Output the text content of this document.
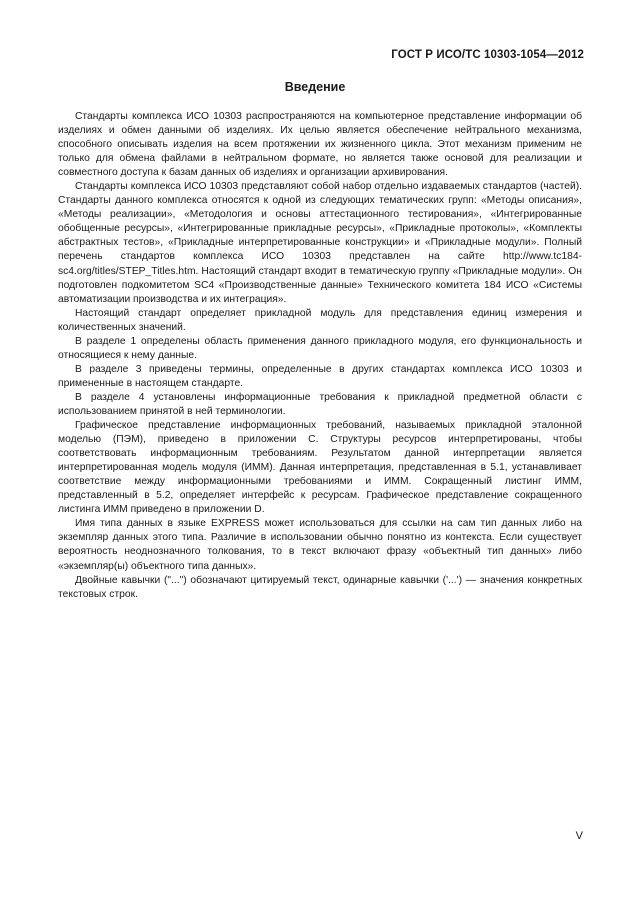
ГОСТ Р ИСО/ТС 10303-1054—2012
Введение

Стандарты комплекса ИСО 10303 распространяются на компьютерное представление информации об изделиях и обмен данными об изделиях. Их целью является обеспечение нейтрального механизма, способного описывать изделия на всем протяжении их жизненного цикла. Этот механизм применим не только для обмена файлами в нейтральном формате, но является также основой для реализации и совместного доступа к базам данных об изделиях и организации архивирования.

Стандарты комплекса ИСО 10303 представляют собой набор отдельно издаваемых стандартов (частей). Стандарты данного комплекса относятся к одной из следующих тематических групп: «Методы описания», «Методы реализации», «Методология и основы аттестационного тестирования», «Интегрированные обобщенные ресурсы», «Интегрированные прикладные ресурсы», «Прикладные протоколы», «Комплекты абстрактных тестов», «Прикладные интерпретированные конструкции» и «Прикладные модули». Полный перечень стандартов комплекса ИСО 10303 представлен на сайте http://www.tc184-sc4.org/titles/STEP_Titles.htm. Настоящий стандарт входит в тематическую группу «Прикладные модули». Он подготовлен подкомитетом SC4 «Производственные данные» Технического комитета 184 ИСО «Системы автоматизации производства и их интеграция».

Настоящий стандарт определяет прикладной модуль для представления единиц измерения и количественных значений.

В разделе 1 определены область применения данного прикладного модуля, его функциональность и относящиеся к нему данные.

В разделе 3 приведены термины, определенные в других стандартах комплекса ИСО 10303 и примененные в настоящем стандарте.

В разделе 4 установлены информационные требования к прикладной предметной области с использованием принятой в ней терминологии.

Графическое представление информационных требований, называемых прикладной эталонной моделью (ПЭМ), приведено в приложении С. Структуры ресурсов интерпретированы, чтобы соответствовать информационным требованиям. Результатом данной интерпретации является интерпретированная модель модуля (ИММ). Данная интерпретация, представленная в 5.1, устанавливает соответствие между информационными требованиями и ИММ. Сокращенный листинг ИММ, представленный в 5.2, определяет интерфейс к ресурсам. Графическое представление сокращенного листинга ИММ приведено в приложении D.

Имя типа данных в языке EXPRESS может использоваться для ссылки на сам тип данных либо на экземпляр данных этого типа. Различие в использовании обычно понятно из контекста. Если существует вероятность неоднозначного толкования, то в текст включают фразу «объектный тип данных» либо «экземпляр(ы) объектного типа данных».

Двойные кавычки ("...") обозначают цитируемый текст, одинарные кавычки ('...') — значения конкретных текстовых строк.

V
